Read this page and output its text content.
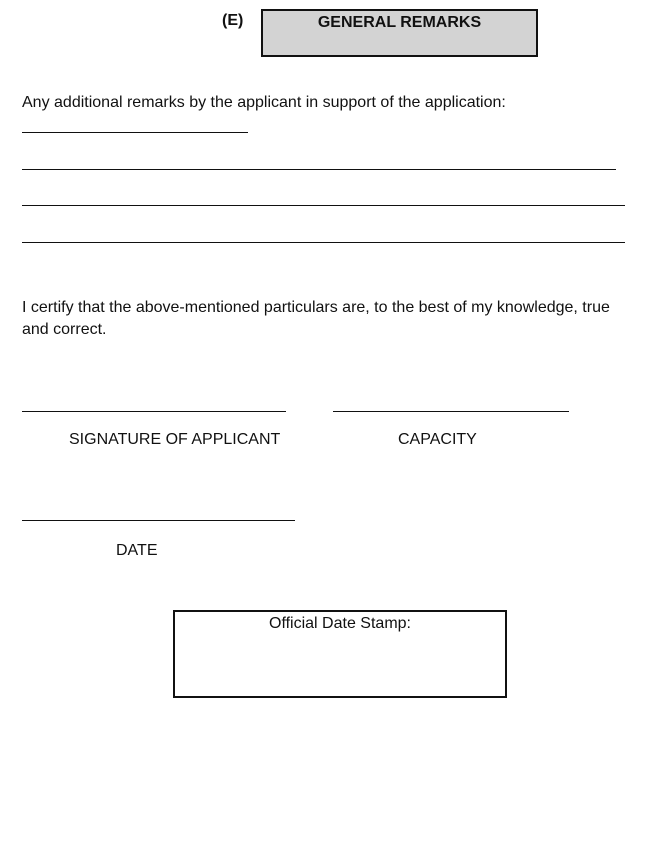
(E)	GENERAL REMARKS
Any additional remarks by the applicant in support of the application:
I certify that the above-mentioned particulars are, to the best of my knowledge, true and correct.
SIGNATURE OF APPLICANT	CAPACITY
DATE
Official Date Stamp:
